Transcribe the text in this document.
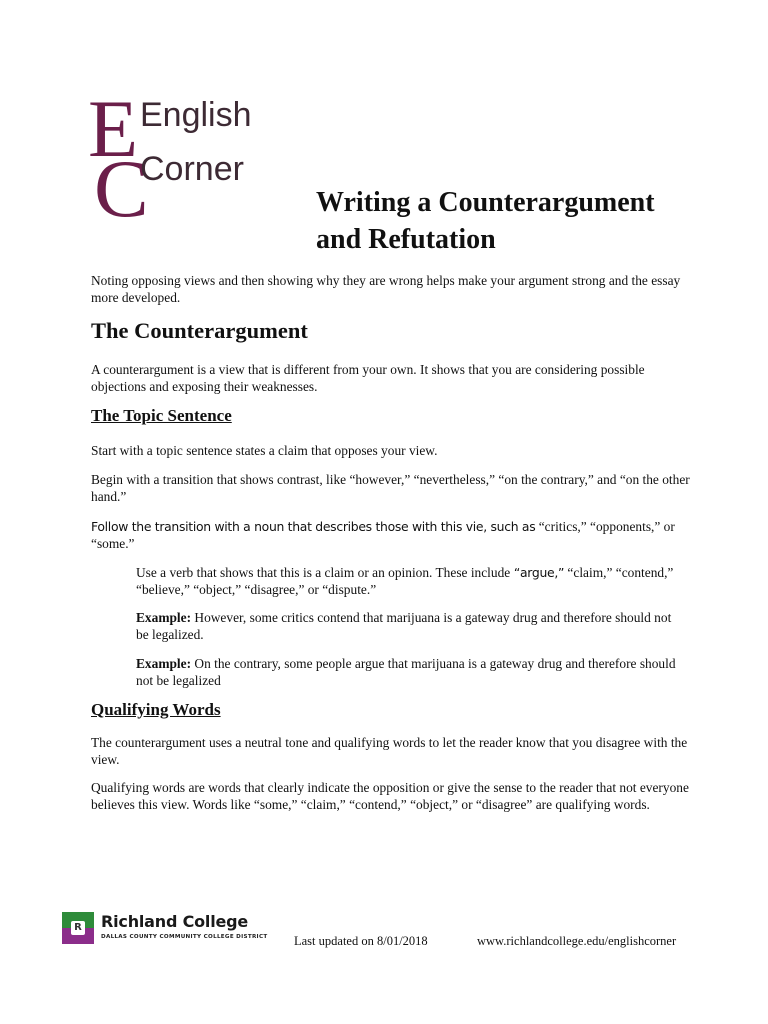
E
C
English
Corner
Writing a Counterargument
and Refutation

Noting opposing views and then showing why they are wrong helps make your argument strong and the essay more developed.

The Counterargument

A counterargument is a view that is different from your own. It shows that you are considering possible objections and exposing their weaknesses.

The Topic Sentence

Start with a topic sentence states a claim that opposes your view.

Begin with a transition that shows contrast, like “however,” “nevertheless,” “on the contrary,” and “on the other hand.”

Follow the transition with a noun that describes those with this vie, such as “critics,” “opponents,” or “some.”

Use a verb that shows that this is a claim or an opinion. These include “argue,” “claim,” “contend,” “believe,” “object,” “disagree,” or “dispute.”

Example: However, some critics contend that marijuana is a gateway drug and therefore should not be legalized.

Example: On the contrary, some people argue that marijuana is a gateway drug and therefore should not be legalized

Qualifying Words

The counterargument uses a neutral tone and qualifying words to let the reader know that you disagree with the view.

Qualifying words are words that clearly indicate the opposition or give the sense to the reader that not everyone believes this view. Words like “some,” “claim,” “contend,” “object,” or “disagree” are qualifying words.

R Richland College
DALLAS COUNTY COMMUNITY COLLEGE DISTRICT Last updated on 8/01/2018	www.richlandcollege.edu/englishcorner
